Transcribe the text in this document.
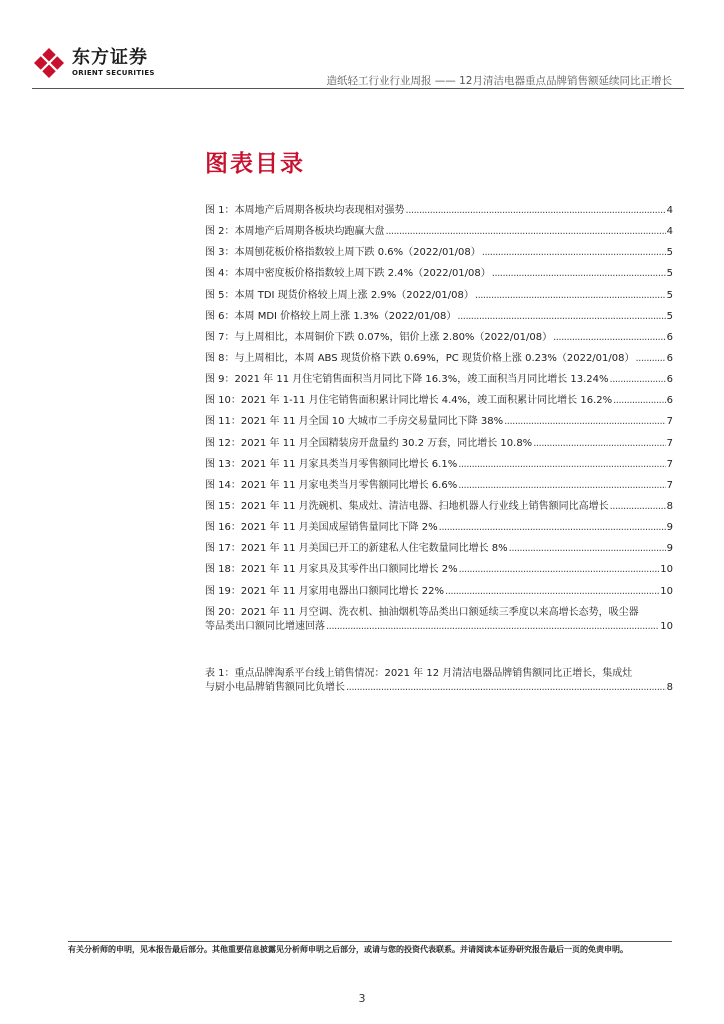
东方证券
ORIENT SECURITIES
造纸轻工行业行业周报 —— 12月清洁电器重点品牌销售额延续同比正增长
图表目录
图 1：本周地产后周期各板块均表现相对强势 .....	4
图 2：本周地产后周期各板块均跑赢大盘 .....	4
图 3：本周刨花板价格指数较上周下跌 0.6%（2022/01/08） .....	5
图 4：本周中密度板价格指数较上周下跌 2.4%（2022/01/08） .....	5
图 5：本周 TDI 现货价格较上周上涨 2.9%（2022/01/08） .....	5
图 6：本周 MDI 价格较上周上涨 1.3%（2022/01/08） .....	5
图 7：与上周相比，本周铜价下跌 0.07%，铝价上涨 2.80%（2022/01/08） .....	6
图 8：与上周相比，本周 ABS 现货价格下跌 0.69%，PC 现货价格上涨 0.23%（2022/01/08） .....	6
图 9：2021 年 11 月住宅销售面积当月同比下降 16.3%，竣工面积当月同比增长 13.24% .....	6
图 10：2021 年 1-11 月住宅销售面积累计同比增长 4.4%，竣工面积累计同比增长 16.2% .....	6
图 11：2021 年 11 月全国 10 大城市二手房交易量同比下降 38% .....	7
图 12：2021 年 11 月全国精装房开盘量约 30.2 万套，同比增长 10.8% .....	7
图 13：2021 年 11 月家具类当月零售额同比增长 6.1% .....	7
图 14：2021 年 11 月家电类当月零售额同比增长 6.6% .....	7
图 15：2021 年 11 月洗碗机、集成灶、清洁电器、扫地机器人行业线上销售额同比高增长 .....	8
图 16：2021 年 11 月美国成屋销售量同比下降 2% .....	9
图 17：2021 年 11 月美国已开工的新建私人住宅数量同比增长 8% .....	9
图 18：2021 年 11 月家具及其零件出口额同比增长 2% .....	10
图 19：2021 年 11 月家用电器出口额同比增长 22% .....	10
图 20：2021 年 11 月空调、洗衣机、抽油烟机等品类出口额延续三季度以来高增长态势，吸尘器
等品类出口额同比增速回落 .....	10
表 1：重点品牌淘系平台线上销售情况：2021 年 12 月清洁电器品牌销售额同比正增长，集成灶
与厨小电品牌销售额同比负增长 .....	8
有关分析师的申明，见本报告最后部分。其他重要信息披露见分析师申明之后部分，或请与您的投资代表联系。并请阅读本证券研究报告最后一页的免责申明。
3
